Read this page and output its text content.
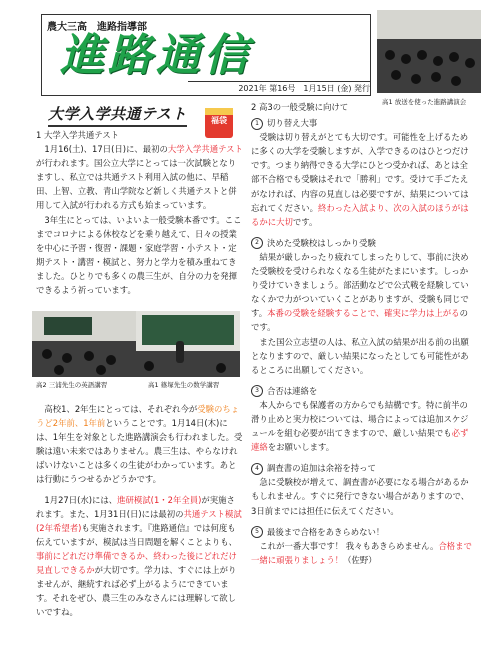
農大三高　進路指導部
進路通信
2021年 第16号　1月15日 (金) 発行
高1 放送を使った進路講演会
大学入学共通テスト	福袋

1 大学入学共通テスト

1月16(土)、17日(日)に、最初の大学入学共通テストが行われます。国公立大学にとっては一次試験となりますし、私立では共通テスト利用入試の他に、早稲田、上智、立教、青山学院など新しく共通テストと併用して入試が行われる方式も始まっています。

3年生にとっては、いよいよ一般受験本番です。ここまでコロナによる休校などを乗り越えて、日々の授業を中心に予習・復習・課題・家庭学習・小テスト・定期テスト・講習・模試と、努力と学力を積み重ねてきました。ひとりでも多くの農三生が、自分の力を発揮できるよう祈っています。

高2 三浦先生の英語講習	高1 篠塚先生の数学講習

高校1、2年生にとっては、それぞれ今が受験のちょうど2年前、1年前ということです。1月14日(木)には、1年生を対象とした進路講演会も行われました。受験は遠い未来ではありません。農三生は、やらなければいけないことは多くの生徒がわかっています。あとは行動にうつせるかどうかです。

1月27日(水)には、進研模試(1・2年全員)が実施されます。また、1月31日(日)には最初の共通テスト模試(2年希望者)も実施されます。『進路通信』では何度も伝えていますが、模試は当日問題を解くことよりも、事前にどれだけ準備できるか、終わった後にどれだけ見直しできるかが大切です。学力は、すぐには上がりませんが、継続すれば必ず上がるようにできています。それをぜひ、農三生のみなさんには理解して欲しいですね。

2 高3の一般受験に向けて

1 切り替え大事

受験は切り替えがとても大切です。可能性を上げるために多くの大学を受験しますが、入学できるのはひとつだけです。つまり納得できる大学にひとつ受かれば、あとは全部不合格でも受験はそれで「勝利」です。受けて手ごたえがなければ、内容の見直しは必要ですが、結果については忘れてください。終わった入試より、次の入試のほうがはるかに大切です。

2 決めた受験校はしっかり受験

結果が厳しかったり疲れてしまったりして、事前に決めた受験校を受けられなくなる生徒がたまにいます。しっかり受けていきましょう。部活動などで公式戦を経験していなくかで力がついていくことがありますが、受験も同じです。本番の受験を経験することで、確実に学力は上がるのです。

また国公立志望の人は、私立入試の結果が出る前の出願となりますので、厳しい結果になったとしても可能性があるところに出願してください。

3 合否は連絡を

本人からでも保護者の方からでも結構です。特に前半の滑り止めと実力校については、場合によっては追加スケジュールを組む必要が出てきますので、厳しい結果でも必ず連絡をお願いします。

4 調査書の追加は余裕を持って

急に受験校が増えて、調査書が必要になる場合があるかもしれません。すぐに発行できない場合がありますので、3日前までには担任に伝えてください。

5 最後まで合格をあきらめない！

これが一番大事です！ 我々もあきらめません。合格まで一緒に頑張りましょう！（佐野）
